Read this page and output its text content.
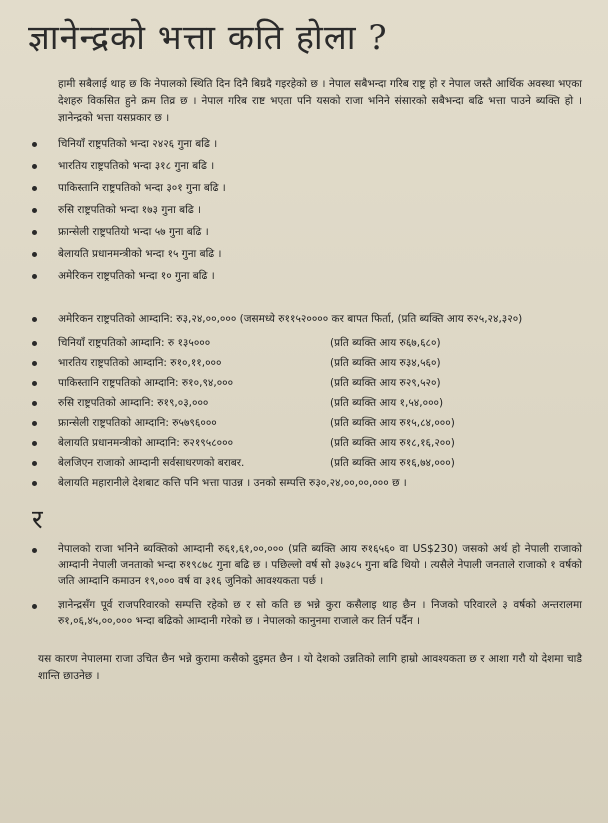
ज्ञानेन्द्रको भत्ता कति होला ?

हामी सबैलाई थाह छ कि नेपालको स्थिति दिन दिनै बिग्रदै गइरहेको छ । नेपाल सबैभन्दा गरिब राष्ट्र हो र नेपाल जस्तै आर्थिक अवस्था भएका देशहरु विकसित हुने क्रम तिव्र छ । नेपाल गरिब राष्ट भएता पनि यसको राजा भनिने संसारको सबैभन्दा बढि भत्ता पाउने ब्यक्ति हो । ज्ञानेन्द्रको भत्ता यसप्रकार छ ।

चिनियाँ राष्ट्रपतिको भन्दा २४२६ गुना बढि ।
भारतिय राष्ट्रपतिको भन्दा ३१८ गुना बढि ।
पाकिस्तानि राष्ट्रपतिको भन्दा ३०१ गुना बढि ।
रुसि राष्ट्रपतिको भन्दा १७३ गुना बढि ।
फ्रान्सेली राष्ट्रपतियो भन्दा ५७ गुना बढि ।
बेलायति प्रधानमन्त्रीको भन्दा १५ गुना बढि ।
अमेरिकन राष्ट्रपतिको भन्दा १० गुना बढि ।
अमेरिकन राष्ट्रपतिको आम्दानि: रु३,२४,००,००० (जसमध्ये रु११५२०००० कर बापत फिर्ता, (प्रति ब्यक्ति आय रु२५,२४,३२०)
चिनियाँ राष्ट्रपतिको आम्दानि: रु १३५०००	(प्रति ब्यक्ति आय रु६७,६८०)
भारतिय राष्ट्रपतिको आम्दानि: रु१०,११,०००	(प्रति ब्यक्ति आय रु३४,५६०)
पाकिस्तानि राष्ट्रपतिको आम्दानि: रु१०,९४,०००	(प्रति ब्यक्ति आय रु२९,५२०)
रुसि राष्ट्रपतिको आम्दानि: रु१९,०३,०००	(प्रति ब्यक्ति आय १,५४,०००)
फ्रान्सेली राष्ट्रपतिको आम्दानि: रु५७९६०००	(प्रति ब्यक्ति आय रु१५,८४,०००)
बेलायति प्रधानमन्त्रीको आम्दानि: रु२१९५८०००	(प्रति ब्यक्ति आय रु१८,१६,२००)
बेलजिएन राजाको आम्दानी सर्वसाधरणको बराबर.	(प्रति ब्यक्ति आय रु१६,७४,०००)
बेलायति महारानीले देशबाट कत्ति पनि भत्ता पाउन्न । उनको सम्पत्ति रु३०,२४,००,००,००० छ ।
र
नेपालको राजा भनिने ब्यक्तिको आम्दानी रु६१,६१,००,००० (प्रति ब्यक्ति आय रु१६५६० वा US$230) जसको अर्थ हो नेपाली राजाको आम्दानी नेपाली जनताको भन्दा रु१९८७८ गुना बढि छ । पछिल्लो वर्ष सो ३७३८५ गुना बढि थियो । त्यसैले नेपाली जनताले राजाको १ वर्षको जति आम्दानि कमाउन १९,००० वर्ष वा ३१६ जुनिको आवश्यकता पर्छ ।
ज्ञानेन्द्रसँग पूर्व राजपरिवारको सम्पत्ति रहेको छ र सो कति छ भन्ने कुरा कसैलाइ थाह छैन । निजको परिवारले ३ वर्षको अन्तरालमा रु१,०६,४५,००,००० भन्दा बढिको आम्दानी गरेको छ । नेपालको कानुनमा राजाले कर तिर्न पर्दैन ।

यस कारण नेपालमा राजा उचित छैन भन्ने कुरामा कसैको दुइमत छैन । यो देशको उन्नतिको लागि हाम्रो आवश्यकता छ र आशा गरौ यो देशमा चाडै शान्ति छाउनेछ ।
